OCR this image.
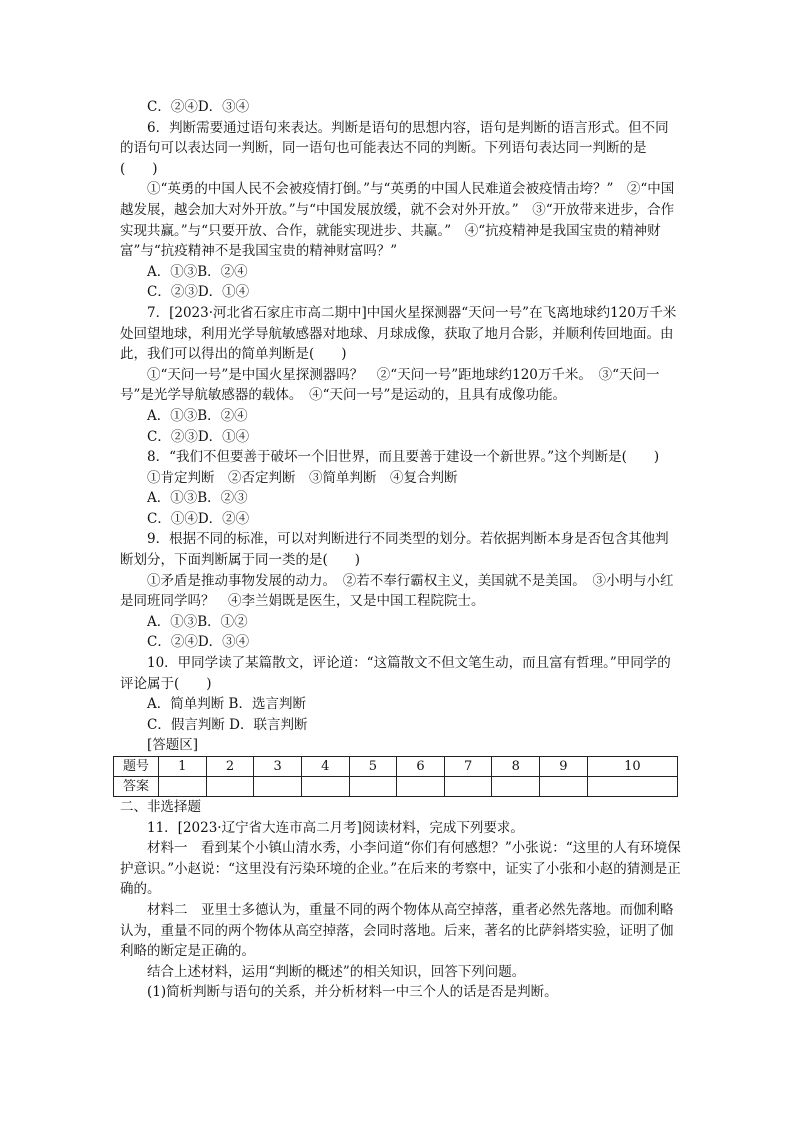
C．②④D．③④

6．判断需要通过语句来表达。判断是语句的思想内容，语句是判断的语言形式。但不同的语句可以表达同一判断，同一语句也可能表达不同的判断。下列语句表达同一判断的是(　　)

①“英勇的中国人民不会被疫情打倒。”与“英勇的中国人民难道会被疫情击垮？”　②“中国越发展，越会加大对外开放。”与“中国发展放缓，就不会对外开放。”　③“开放带来进步，合作实现共赢。”与“只要开放、合作，就能实现进步、共赢。”　④“抗疫精神是我国宝贵的精神财富”与“抗疫精神不是我国宝贵的精神财富吗？”

A．①③B．②④

C．②③D．①④

7．[2023·河北省石家庄市高二期中]中国火星探测器“天问一号”在飞离地球约120万千米处回望地球，利用光学导航敏感器对地球、月球成像，获取了地月合影，并顺利传回地面。由此，我们可以得出的简单判断是(　　)

①“天问一号”是中国火星探测器吗？　②“天问一号”距地球约120万千米。　③“天问一号”是光学导航敏感器的载体。　④“天问一号”是运动的，且具有成像功能。

A．①③B．②④

C．②③D．①④

8．“我们不但要善于破坏一个旧世界，而且要善于建设一个新世界。”这个判断是(　　)

①肯定判断　②否定判断　③简单判断　④复合判断

A．①③B．②③

C．①④D．②④

9．根据不同的标准，可以对判断进行不同类型的划分。若依据判断本身是否包含其他判断划分，下面判断属于同一类的是(　　)

①矛盾是推动事物发展的动力。　②若不奉行霸权主义，美国就不是美国。　③小明与小红是同班同学吗？　④李兰娟既是医生，又是中国工程院院士。

A．①③B．①②

C．②④D．③④

10．甲同学读了某篇散文，评论道：“这篇散文不但文笔生动，而且富有哲理。”甲同学的评论属于(　　)

A．简单判断 B．选言判断

C．假言判断 D．联言判断

[答题区]

题号	1	2	3	4	5	6	7	8	9	10
答案										

二、非选择题

11．[2023·辽宁省大连市高二月考]阅读材料，完成下列要求。

材料一　看到某个小镇山清水秀，小李问道“你们有何感想？”小张说：“这里的人有环境保护意识。”小赵说：“这里没有污染环境的企业。”在后来的考察中，证实了小张和小赵的猜测是正确的。

材料二　亚里士多德认为，重量不同的两个物体从高空掉落，重者必然先落地。而伽利略认为，重量不同的两个物体从高空掉落，会同时落地。后来，著名的比萨斜塔实验，证明了伽利略的断定是正确的。

结合上述材料，运用“判断的概述”的相关知识，回答下列问题。

(1)简析判断与语句的关系，并分析材料一中三个人的话是否是判断。
